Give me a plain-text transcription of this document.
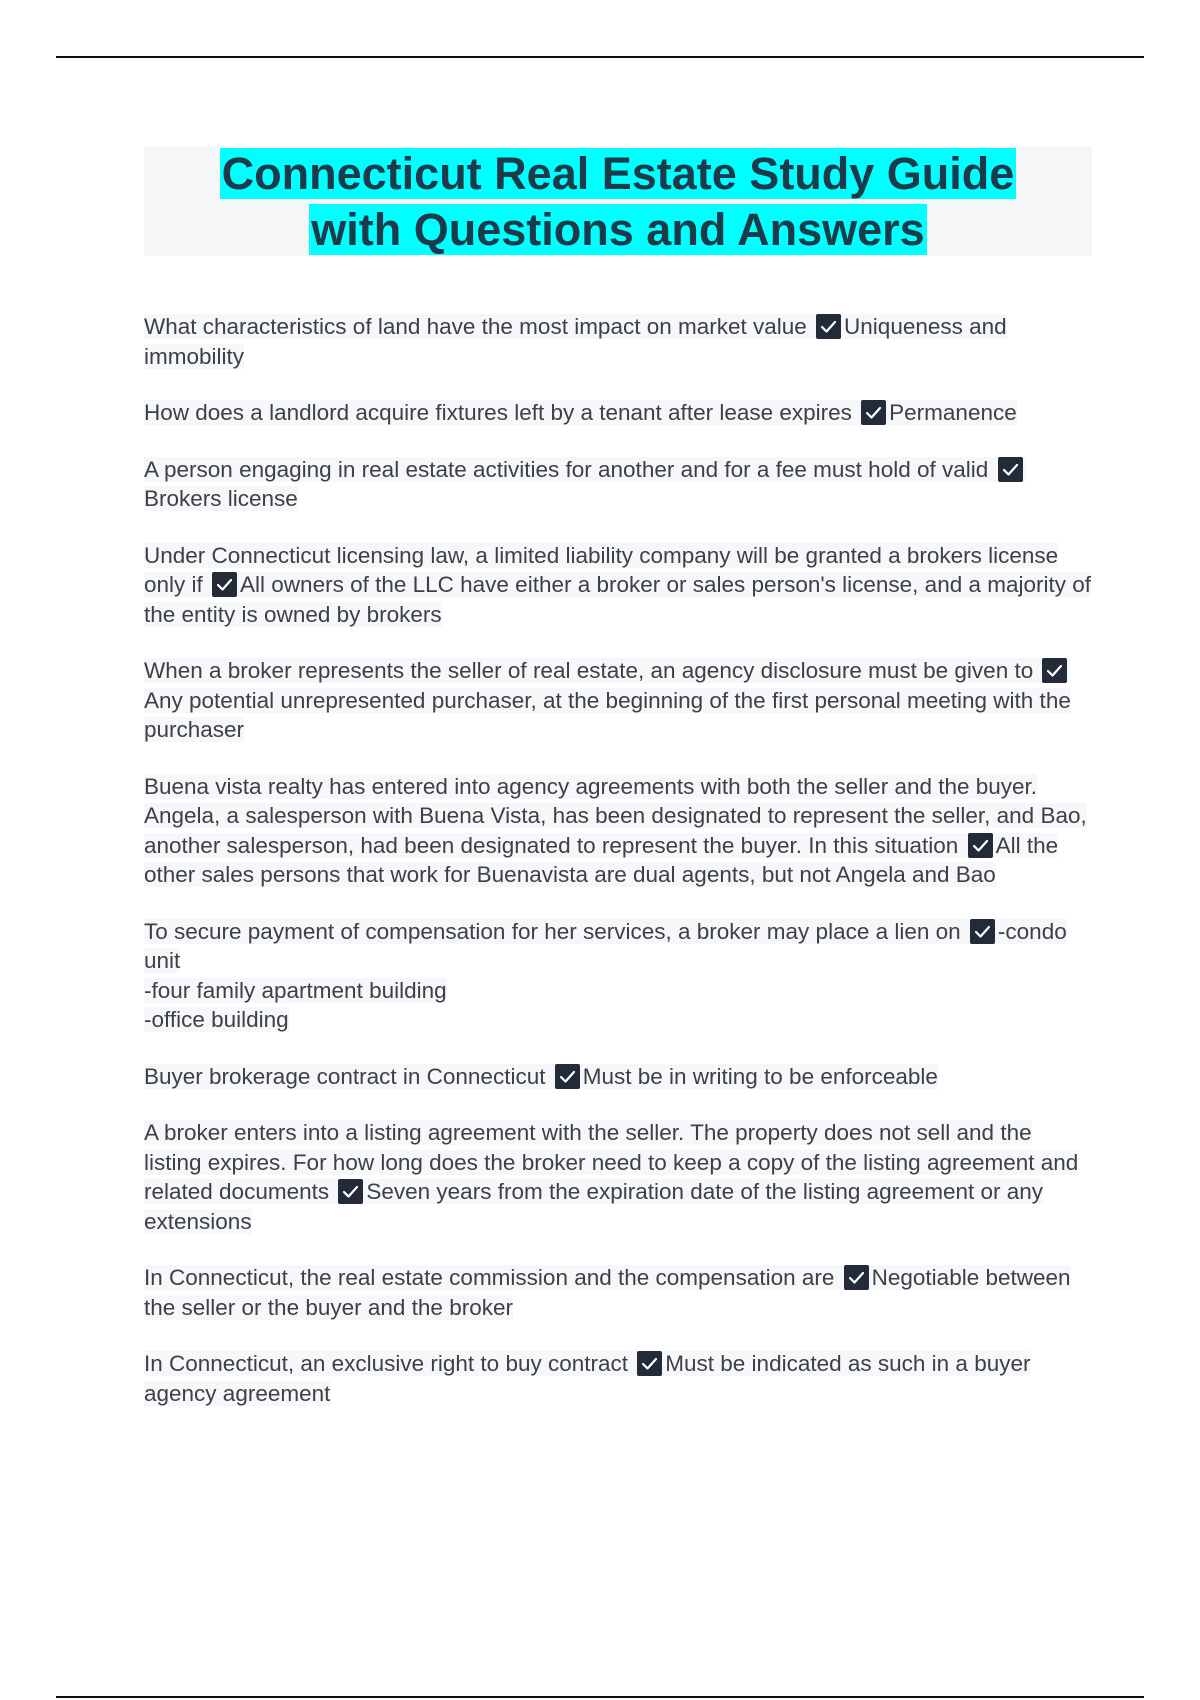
Connecticut Real Estate Study Guide
with Questions and Answers
What characteristics of land have the most impact on market value
Uniqueness and immobility
How does a landlord acquire fixtures left by a tenant after lease expires
Permanence
A person engaging in real estate activities for another and for a fee must hold of valid
Brokers license
Under Connecticut licensing law, a limited liability company will be granted a brokers license only if
All owners of the LLC have either a broker or sales person's license, and a majority of the entity is owned by brokers
When a broker represents the seller of real estate, an agency disclosure must be given to
Any potential unrepresented purchaser, at the beginning of the first personal meeting with the purchaser
Buena vista realty has entered into agency agreements with both the seller and the buyer. Angela, a salesperson with Buena Vista, has been designated to represent the seller, and Bao, another salesperson, had been designated to represent the buyer. In this situation
All the other sales persons that work for Buenavista are dual agents, but not Angela and Bao
To secure payment of compensation for her services, a broker may place a lien on
-condo unit
-four family apartment building
-office building
Buyer brokerage contract in Connecticut
Must be in writing to be enforceable
A broker enters into a listing agreement with the seller. The property does not sell and the listing expires. For how long does the broker need to keep a copy of the listing agreement and related documents
Seven years from the expiration date of the listing agreement or any extensions
In Connecticut, the real estate commission and the compensation are
Negotiable between the seller or the buyer and the broker
In Connecticut, an exclusive right to buy contract
Must be indicated as such in a buyer agency agreement
